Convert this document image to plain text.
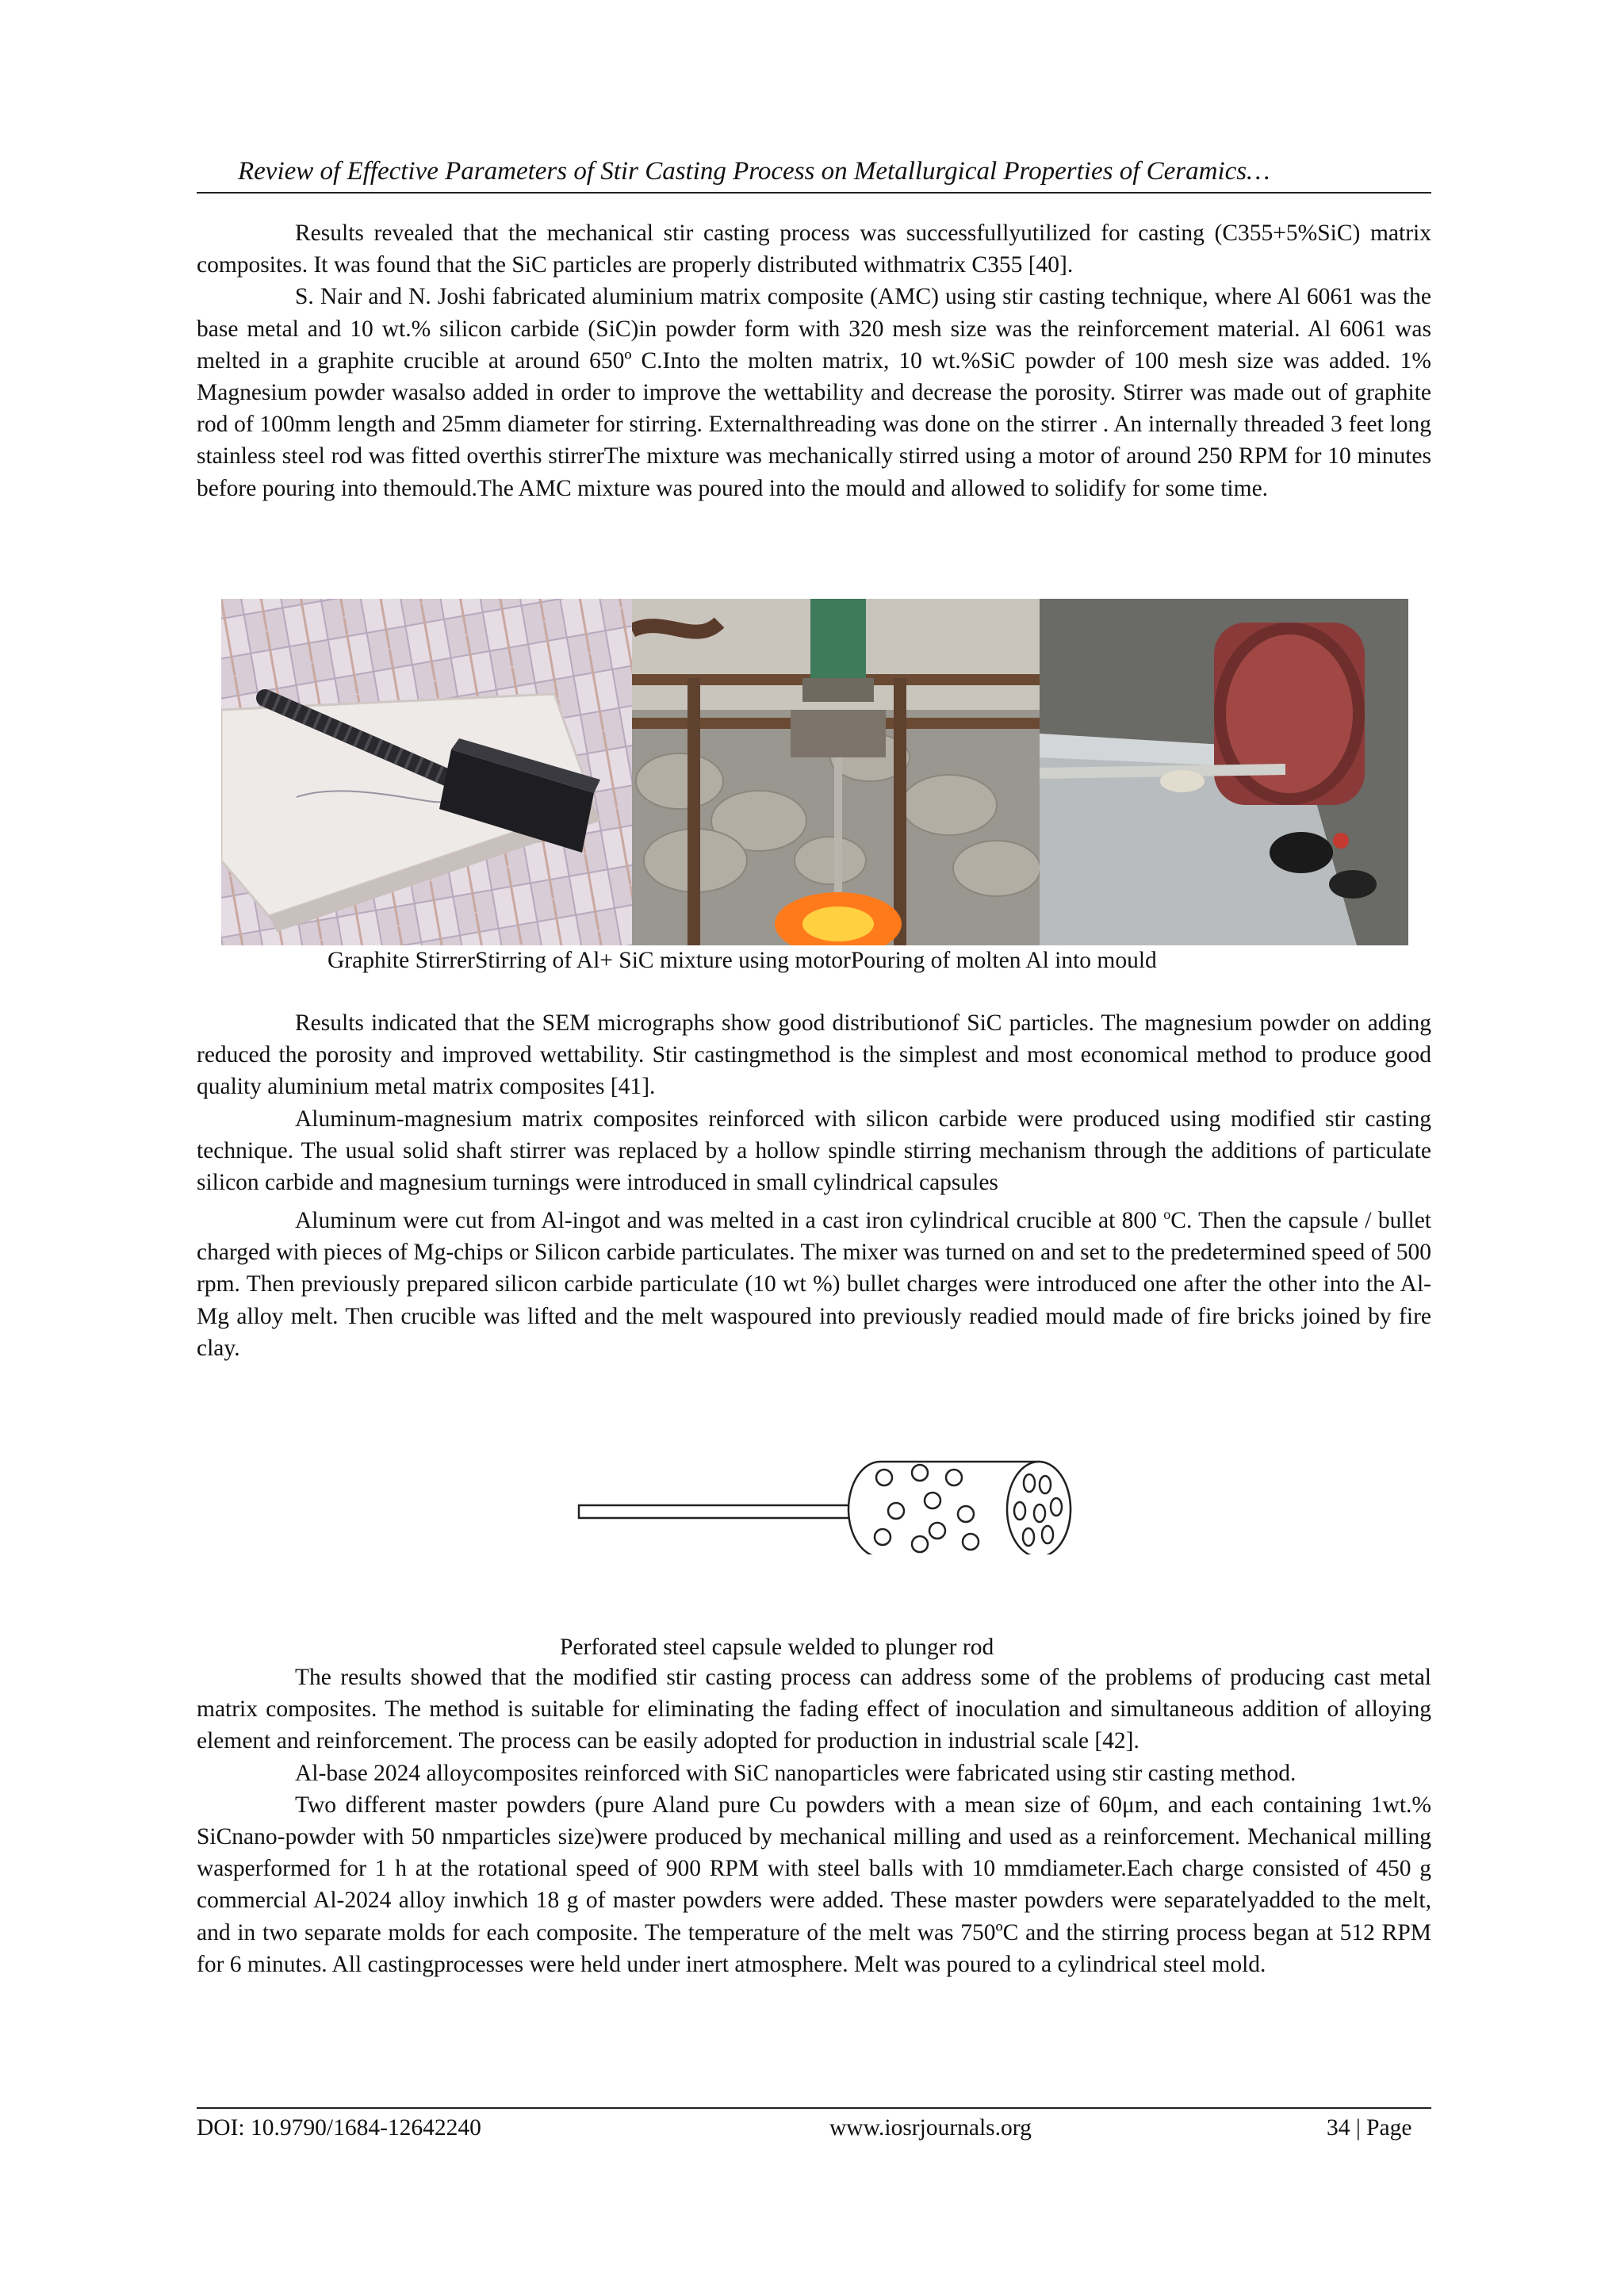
Review of Effective Parameters of Stir Casting Process on Metallurgical Properties of Ceramics…

Results revealed that the mechanical stir casting process was successfullyutilized for casting (C355+5%SiC) matrix composites. It was found that the SiC particles are properly distributed withmatrix C355 [40].

S. Nair and N. Joshi fabricated aluminium matrix composite (AMC) using stir casting technique, where Al 6061 was the base metal and 10 wt.% silicon carbide (SiC)in powder form with 320 mesh size was the reinforcement material. Al 6061 was melted in a graphite crucible at around 650º C.Into the molten matrix, 10 wt.%SiC powder of 100 mesh size was added. 1% Magnesium powder wasalso added in order to improve the wettability and decrease the porosity. Stirrer was made out of graphite rod of 100mm length and 25mm diameter for stirring. Externalthreading was done on the stirrer . An internally threaded 3 feet long stainless steel rod was fitted overthis stirrerThe mixture was mechanically stirred using a motor of around 250 RPM for 10 minutes before pouring into themould.The AMC mixture was poured into the mould and allowed to solidify for some time.

Graphite StirrerStirring of Al+ SiC mixture using motorPouring of molten Al into mould

Results indicated that the SEM micrographs show good distributionof SiC particles. The magnesium powder on adding reduced the porosity and improved wettability. Stir castingmethod is the simplest and most economical method to produce good quality aluminium metal matrix composites [41].

Aluminum-magnesium matrix composites reinforced with silicon carbide were produced using modified stir casting technique. The usual solid shaft stirrer was replaced by a hollow spindle stirring mechanism through the additions of particulate silicon carbide and magnesium turnings were introduced in small cylindrical capsules

Aluminum were cut from Al-ingot and was melted in a cast iron cylindrical crucible at 800 $^o$C. Then the capsule / bullet charged with pieces of Mg-chips or Silicon carbide particulates. The mixer was turned on and set to the predetermined speed of 500 rpm. Then previously prepared silicon carbide particulate (10 wt %) bullet charges were introduced one after the other into the Al-Mg alloy melt. Then crucible was lifted and the melt waspoured into previously readied mould made of fire bricks joined by fire clay.

Perforated steel capsule welded to plunger rod

The results showed that the modified stir casting process can address some of the problems of producing cast metal matrix composites. The method is suitable for eliminating the fading effect of inoculation and simultaneous addition of alloying element and reinforcement. The process can be easily adopted for production in industrial scale [42].

Al-base 2024 alloycomposites reinforced with SiC nanoparticles were fabricated using stir casting method.

Two different master powders (pure Aland pure Cu powders with a mean size of 60μm, and each containing 1wt.% SiCnano-powder with 50 nmparticles size)were produced by mechanical milling and used as a reinforcement. Mechanical milling wasperformed for 1 h at the rotational speed of 900 RPM with steel balls with 10 mmdiameter.Each charge consisted of 450 g commercial Al-2024 alloy inwhich 18 g of master powders were added. These master powders were separatelyadded to the melt, and in two separate molds for each composite. The temperature of the melt was 750ºC and the stirring process began at 512 RPM for 6 minutes. All castingprocesses were held under inert atmosphere. Melt was poured to a cylindrical steel mold.

DOI: 10.9790/1684-12642240	www.iosrjournals.org	34 | Page
